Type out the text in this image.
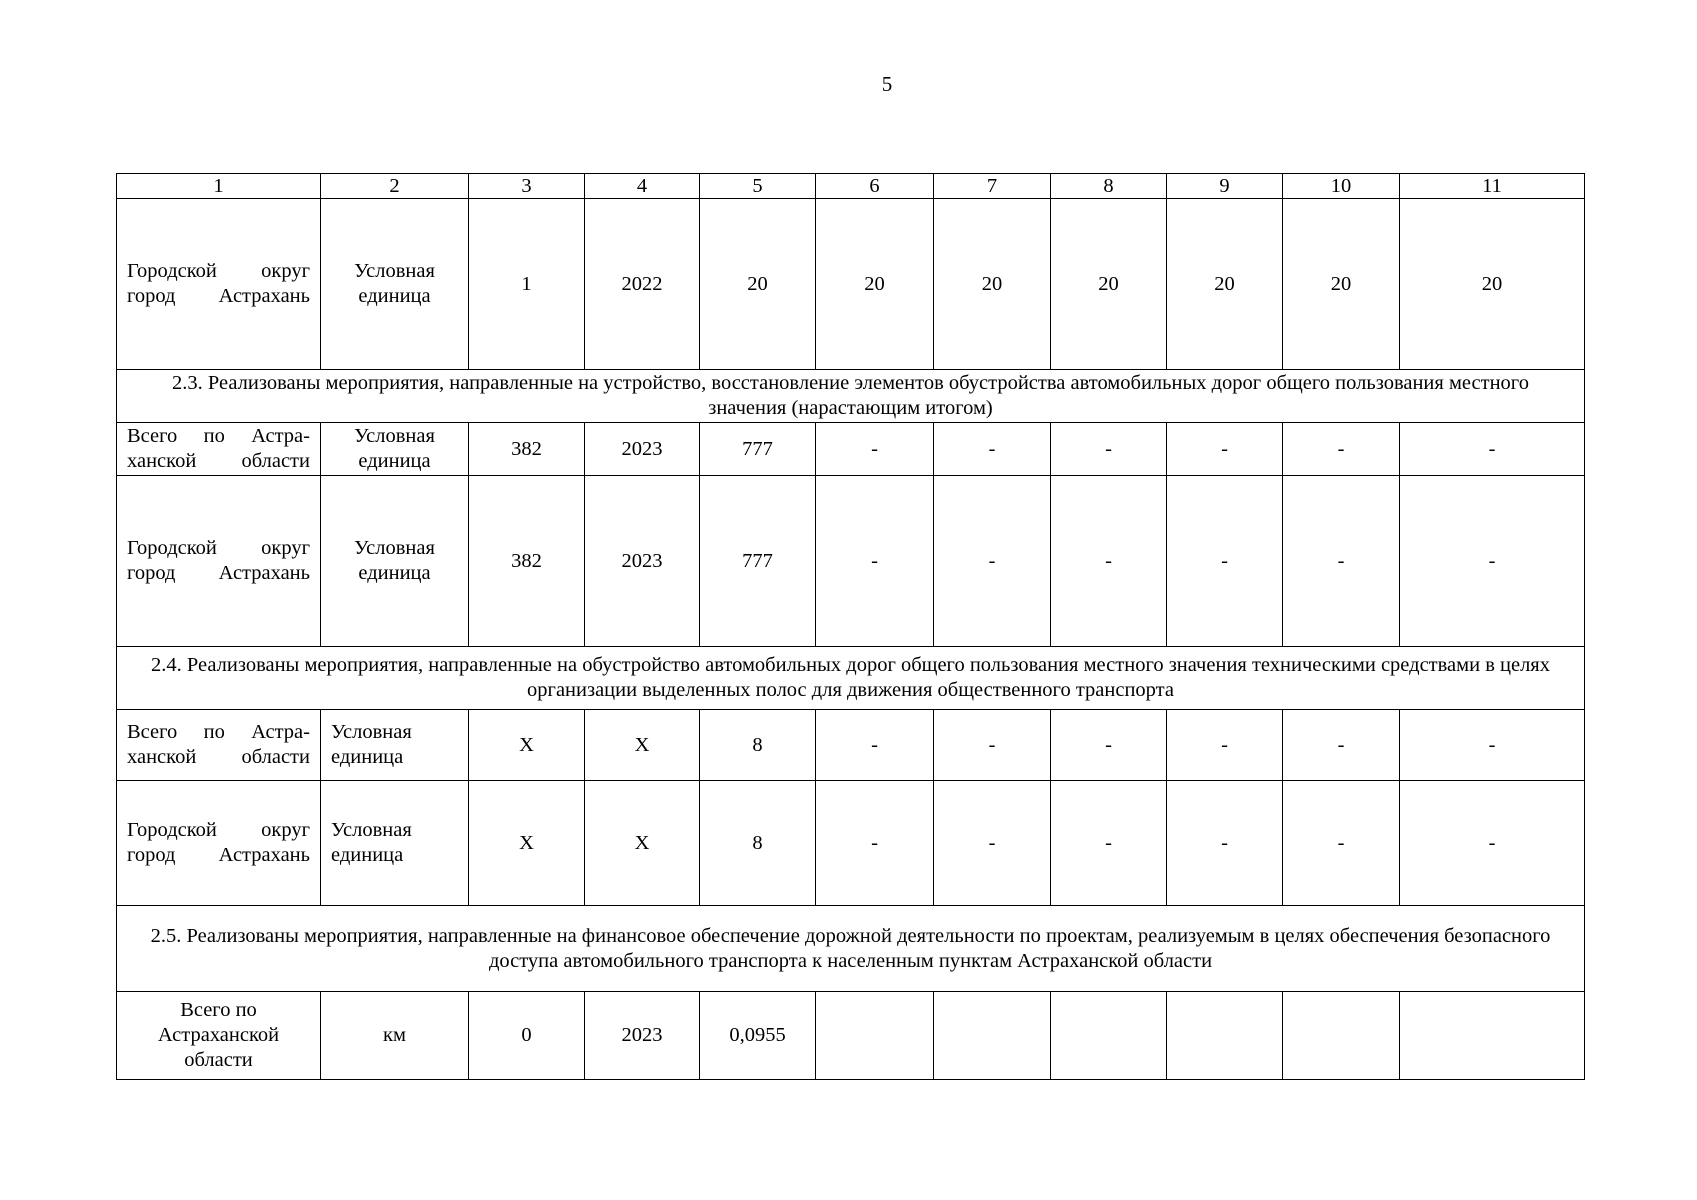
5
1	2	3	4	5	6	7	8	9	10	11
Городской округ город Астрахань	Условная единица	1	2022	20	20	20	20	20	20	20
2.3. Реализованы мероприятия, направленные на устройство, восстановление элементов обустройства автомобильных дорог общего пользования местного значения (нарастающим итогом)										
Всего по Астра-ханской области	Условная единица	382	2023	777	-	-	-	-	-	-
Городской округ город Астрахань	Условная единица	382	2023	777	-	-	-	-	-	-
2.4. Реализованы мероприятия, направленные на обустройство автомобильных дорог общего пользования местного значения техническими средствами в целях организации выделенных полос для движения общественного транспорта										
Всего по Астра-ханской области	Условная единица	X	X	8	-	-	-	-	-	-
Городской округ город Астрахань	Условная единица	X	X	8	-	-	-	-	-	-
2.5. Реализованы мероприятия, направленные на финансовое обеспечение дорожной деятельности по проектам, реализуемым в целях обеспечения безопасного доступа автомобильного транспорта к населенным пунктам Астраханской области										
Всего по Астраханской области	км	0	2023	0,0955						
